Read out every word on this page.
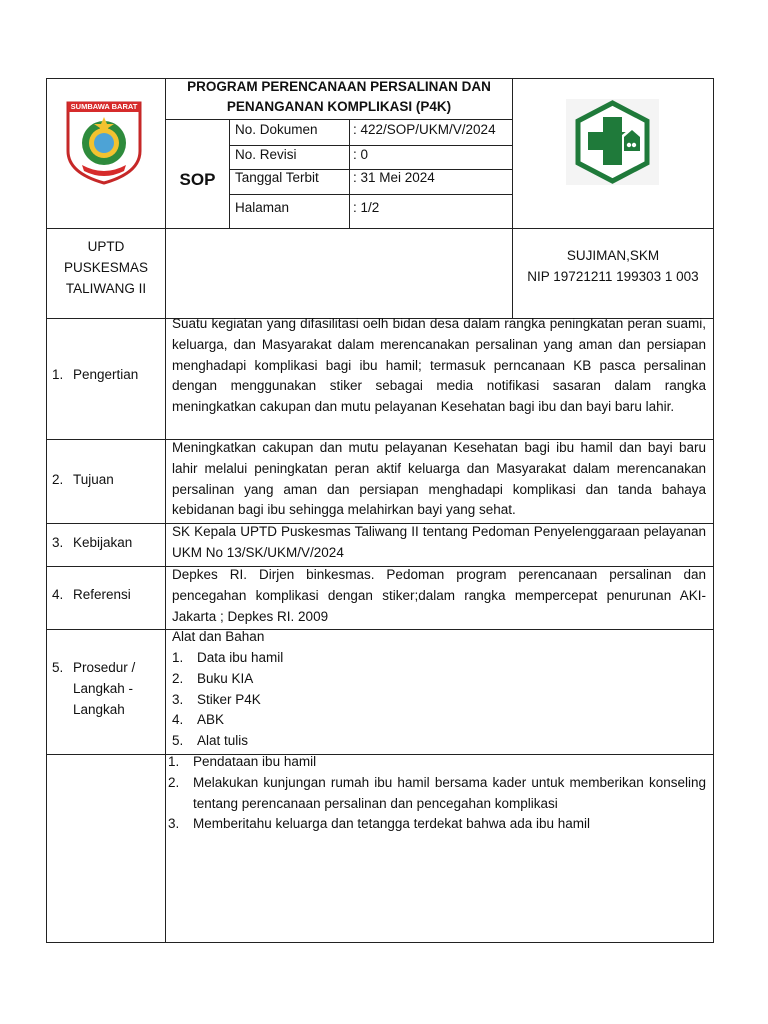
SUMBAWA BARAT
PROGRAM PERENCANAAN PERSALINAN DAN
PENANGANAN KOMPLIKASI (P4K)
SOP
No. Dokumen	: 422/SOP/UKM/V/2024
No. Revisi	: 0
Tanggal Terbit	: 31 Mei 2024
Halaman	: 1/2
UPTD
PUSKESMAS
TALIWANG II
SUJIMAN,SKM
NIP 19721211 199303 1 003
1. Pengertian
Suatu kegiatan yang difasilitasi oelh bidan desa dalam rangka peningkatan peran suami, keluarga, dan Masyarakat dalam merencanakan persalinan yang aman dan persiapan menghadapi komplikasi bagi ibu hamil; termasuk perncanaan KB pasca persalinan dengan menggunakan stiker sebagai media notifikasi sasaran dalam rangka meningkatkan cakupan dan mutu pelayanan Kesehatan bagi ibu dan bayi baru lahir.
2. Tujuan
Meningkatkan cakupan dan mutu pelayanan Kesehatan bagi ibu hamil dan bayi baru lahir melalui peningkatan peran aktif keluarga dan Masyarakat dalam merencanakan persalinan yang aman dan persiapan menghadapi komplikasi dan tanda bahaya kebidanan bagi ibu sehingga melahirkan bayi yang sehat.
3. Kebijakan
SK Kepala UPTD Puskesmas Taliwang II tentang Pedoman Penyelenggaraan pelayanan UKM No 13/SK/UKM/V/2024
4. Referensi
Depkes RI. Dirjen binkesmas. Pedoman program perencanaan persalinan dan pencegahan komplikasi dengan stiker;dalam rangka mempercepat penurunan AKI-Jakarta ; Depkes RI. 2009
5. Prosedur /
Langkah -
Langkah
Alat dan Bahan
1. Data ibu hamil
2. Buku KIA
3. Stiker P4K
4. ABK
5. Alat tulis
1. Pendataan ibu hamil
2. Melakukan kunjungan rumah ibu hamil bersama kader untuk memberikan konseling tentang perencanaan persalinan dan pencegahan komplikasi
3. Memberitahu keluarga dan tetangga terdekat bahwa ada ibu hamil
